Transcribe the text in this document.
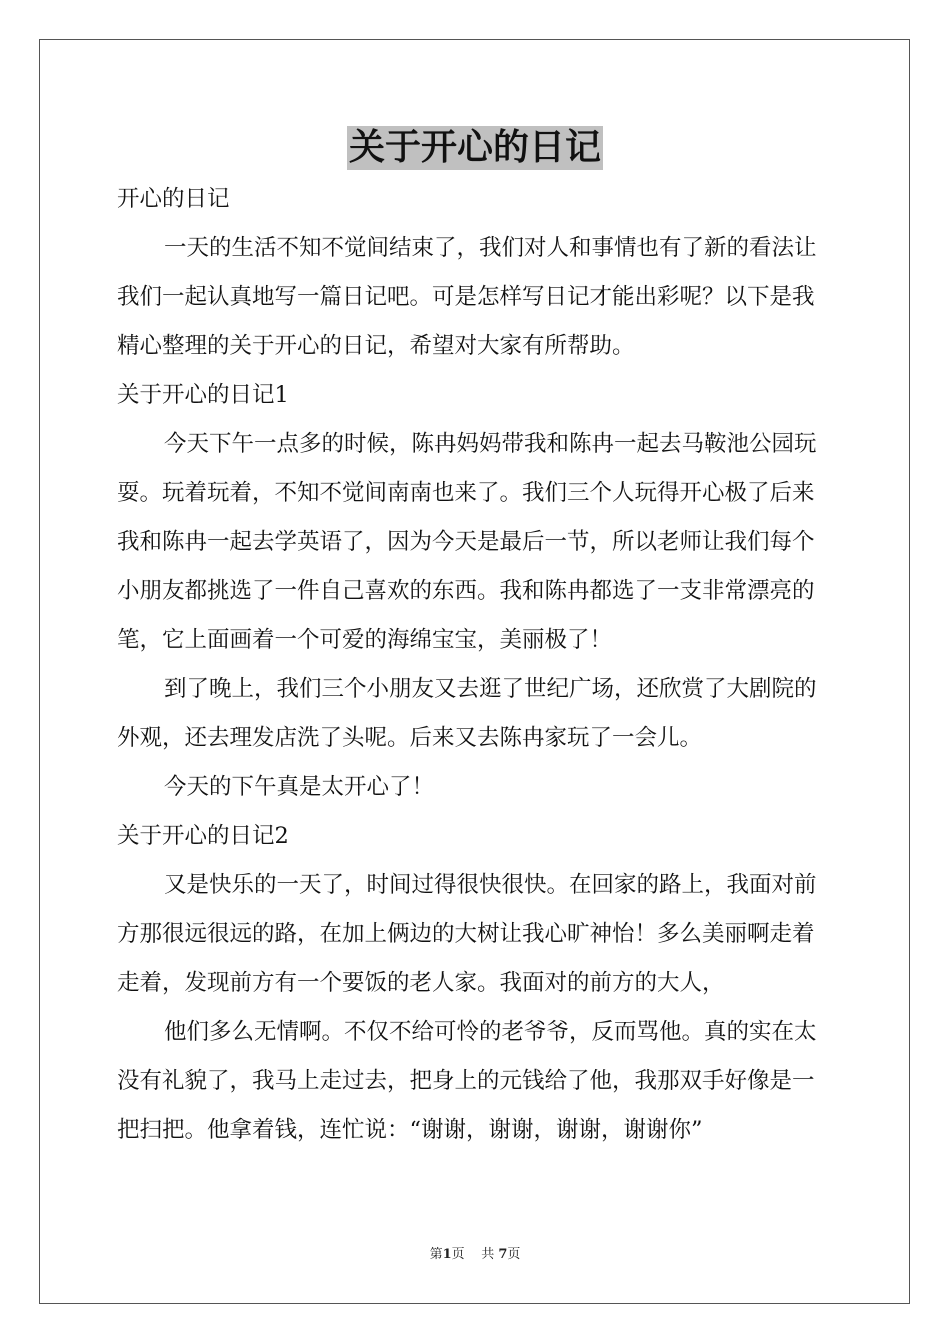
关于开心的日记

开心的日记

一天的生活不知不觉间结束了，我们对人和事情也有了新的看法让我们一起认真地写一篇日记吧。可是怎样写日记才能出彩呢？以下是我精心整理的关于开心的日记，希望对大家有所帮助。

关于开心的日记1

今天下午一点多的时候，陈冉妈妈带我和陈冉一起去马鞍池公园玩耍。玩着玩着，不知不觉间南南也来了。我们三个人玩得开心极了后来我和陈冉一起去学英语了，因为今天是最后一节，所以老师让我们每个小朋友都挑选了一件自己喜欢的东西。我和陈冉都选了一支非常漂亮的笔，它上面画着一个可爱的海绵宝宝，美丽极了！

到了晚上，我们三个小朋友又去逛了世纪广场，还欣赏了大剧院的外观，还去理发店洗了头呢。后来又去陈冉家玩了一会儿。

今天的下午真是太开心了！

关于开心的日记2

又是快乐的一天了，时间过得很快很快。在回家的路上，我面对前方那很远很远的路，在加上俩边的大树让我心旷神怡！多么美丽啊走着走着，发现前方有一个要饭的老人家。我面对的前方的大人，

他们多么无情啊。不仅不给可怜的老爷爷，反而骂他。真的实在太没有礼貌了，我马上走过去，把身上的元钱给了他，我那双手好像是一把扫把。他拿着钱，连忙说：“谢谢，谢谢，谢谢，谢谢你”

第1页 共 7页
